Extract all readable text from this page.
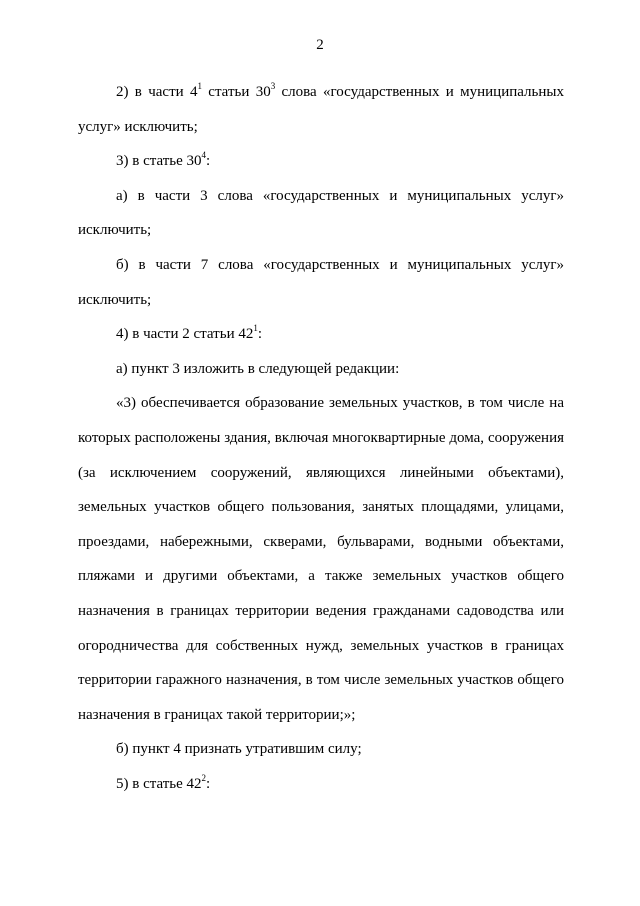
2

2) в части $4^1$ статьи $30^3$ слова «государственных и муниципальных услуг» исключить;

3) в статье $30^4$:

а) в части 3 слова «государственных и муниципальных услуг» исключить;

б) в части 7 слова «государственных и муниципальных услуг» исключить;

4) в части 2 статьи $42^1$:

а) пункт 3 изложить в следующей редакции:

«3) обеспечивается образование земельных участков, в том числе на которых расположены здания, включая многоквартирные дома, сооружения (за исключением сооружений, являющихся линейными объектами), земельных участков общего пользования, занятых площадями, улицами, проездами, набережными, скверами, бульварами, водными объектами, пляжами и другими объектами, а также земельных участков общего назначения в границах территории ведения гражданами садоводства или огородничества для собственных нужд, земельных участков в границах территории гаражного назначения, в том числе земельных участков общего назначения в границах такой территории;»;

б) пункт 4 признать утратившим силу;

5) в статье $42^2$:
